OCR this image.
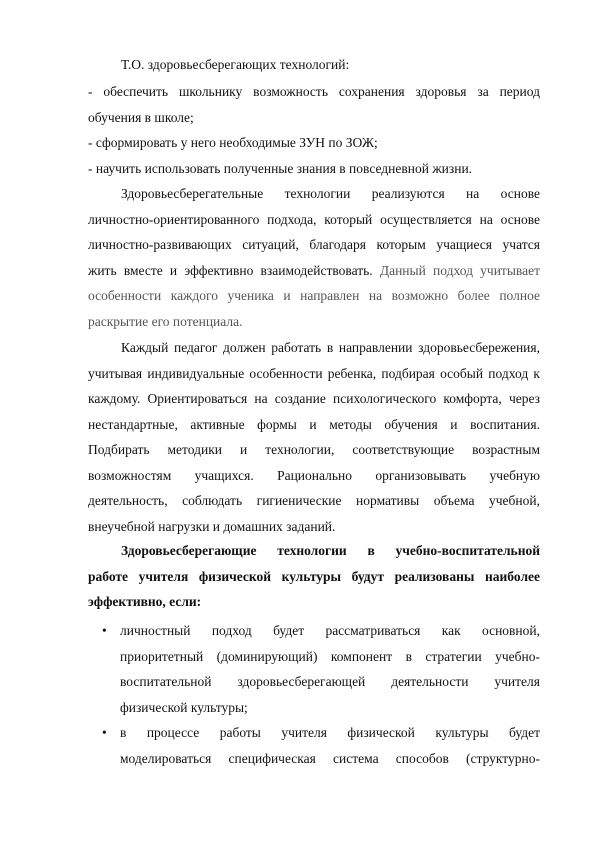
Т.О. здоровьесберегающих технологий:
- обеспечить школьнику возможность сохранения здоровья за период
обучения в школе;
- сформировать у него необходимые ЗУН по ЗОЖ;
- научить использовать полученные знания в повседневной жизни.
Здоровьесберегательные технологии реализуются на основе
личностно-ориентированного подхода, который осуществляется на основе
личностно-развивающих ситуаций, благодаря которым учащиеся учатся
жить вместе и эффективно взаимодействовать. Данный подход учитывает
особенности каждого ученика и направлен на возможно более полное
раскрытие его потенциала.
Каждый педагог должен работать в направлении здоровьесбережения,
учитывая индивидуальные особенности ребенка, подбирая особый подход к
каждому. Ориентироваться на создание психологического комфорта, через
нестандартные, активные формы и методы обучения и воспитания.
Подбирать методики и технологии, соответствующие возрастным
возможностям учащихся. Рационально организовывать учебную
деятельность, соблюдать гигиенические нормативы объема учебной,
внеучебной нагрузки и домашних заданий.
Здоровьесберегающие технологии в учебно-воспитательной
работе учителя физической культуры будут реализованы наиболее
эффективно, если:
• личностный подход будет рассматриваться как основной,
приоритетный (доминирующий) компонент в стратегии учебно-
воспитательной здоровьесберегающей деятельности учителя
физической культуры;
• в процессе работы учителя физической культуры будет
моделироваться специфическая система способов (структурно-
